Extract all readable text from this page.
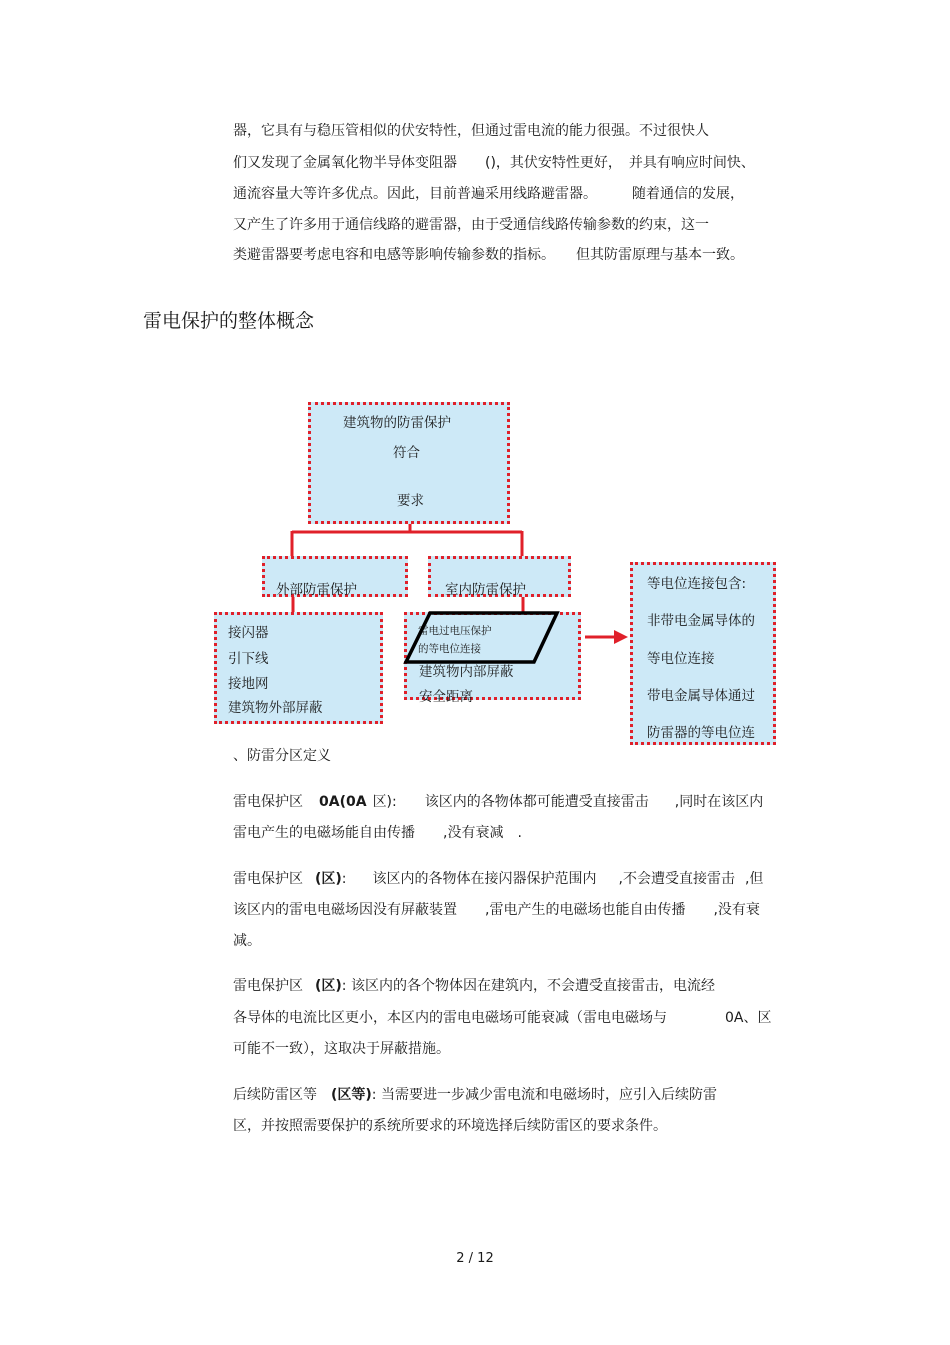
器，它具有与稳压管相似的伏安特性，但通过雷电流的能力很强。不过很快人
们又发现了金属氧化物半导体变阻器　　()，其伏安特性更好，　并具有响应时间快、
通流容量大等许多优点。因此，目前普遍采用线路避雷器。　　　随着通信的发展，
又产生了许多用于通信线路的避雷器，由于受通信线路传输参数的约束，这一
类避雷器要考虑电容和电感等影响传输参数的指标。　　但其防雷原理与基本一致。
雷电保护的整体概念
建筑物的防雷保护
符合
要求
外部防雷保护	室内防雷保护
接闪器
引下线
接地网
建筑物外部屏蔽
雷电过电压保护
的等电位连接
建筑物内部屏蔽
安全距离
等电位连接包含:
非带电金属导体的
等电位连接
带电金属导体通过
防雷器的等电位连
、防雷分区定义
雷电保护区 0A(0A 区): 该区内的各物体都可能遭受直接雷击 ,同时在该区内
雷电产生的电磁场能自由传播　　,没有衰减　.
雷电保护区 (区): 该区内的各物体在接闪器保护范围内 ,不会遭受直接雷击 ,但
该区内的雷电电磁场因没有屏蔽装置　　,雷电产生的电磁场也能自由传播　　,没有衰
减。
雷电保护区 (区): 该区内的各个物体因在建筑内，不会遭受直接雷击，电流经
各导体的电流比区更小，本区内的雷电电磁场可能衰减（雷电电磁场与	0A、区
可能不一致），这取决于屏蔽措施。
后续防雷区等 (区等): 当需要进一步减少雷电流和电磁场时，应引入后续防雷
区，并按照需要保护的系统所要求的环境选择后续防雷区的要求条件。
2 / 12
